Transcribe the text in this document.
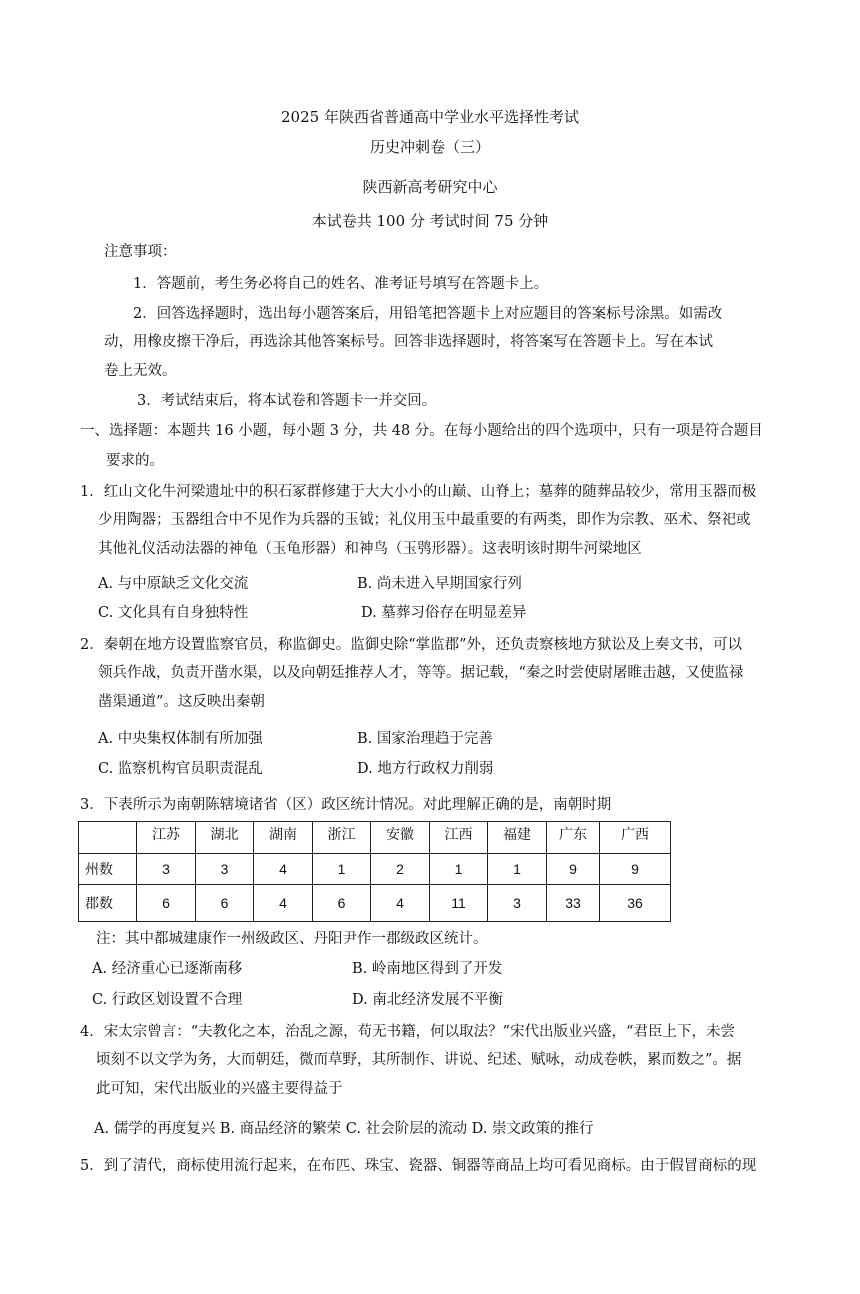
2025 年陕西省普通高中学业水平选择性考试
历史冲刺卷（三）
陕西新高考研究中心
本试卷共 100 分 考试时间 75 分钟
注意事项：
1．答题前，考生务必将自己的姓名、准考证号填写在答题卡上。
2．回答选择题时，选出每小题答案后，用铅笔把答题卡上对应题目的答案标号涂黑。如需改
动，用橡皮擦干净后，再选涂其他答案标号。回答非选择题时，将答案写在答题卡上。写在本试
卷上无效。
3．考试结束后，将本试卷和答题卡一并交回。
一、选择题：本题共 16 小题，每小题 3 分，共 48 分。在每小题给出的四个选项中，只有一项是符合题目
要求的。
1．红山文化牛河梁遗址中的积石冢群修建于大大小小的山巅、山脊上；墓葬的随葬品较少，常用玉器而极
少用陶器；玉器组合中不见作为兵器的玉钺；礼仪用玉中最重要的有两类，即作为宗教、巫术、祭祀或
其他礼仪活动法器的神龟（玉龟形器）和神鸟（玉鸮形器）。这表明该时期牛河梁地区
A. 与中原缺乏文化交流	B. 尚未进入早期国家行列
C. 文化具有自身独特性	D. 墓葬习俗存在明显差异
2．秦朝在地方设置监察官员，称监御史。监御史除“掌监郡”外，还负责察核地方狱讼及上奏文书，可以
领兵作战，负责开凿水渠，以及向朝廷推荐人才，等等。据记载，“秦之时尝使尉屠睢击越，又使监禄
凿渠通道”。这反映出秦朝
A. 中央集权体制有所加强	B. 国家治理趋于完善
C. 监察机构官员职责混乱	D. 地方行政权力削弱
3．下表所示为南朝陈辖境诸省（区）政区统计情况。对此理解正确的是，南朝时期
	江苏	湖北	湖南	浙江	安徽	江西	福建	广东	广西
州数	3	3	4	1	2	1	1	9	9
郡数	6	6	4	6	4	11	3	33	36
注：其中都城建康作一州级政区、丹阳尹作一郡级政区统计。
A. 经济重心已逐渐南移	B. 岭南地区得到了开发
C. 行政区划设置不合理	D. 南北经济发展不平衡
4．宋太宗曾言：“夫教化之本，治乱之源，苟无书籍，何以取法？”宋代出版业兴盛，“君臣上下，未尝
顷刻不以文学为务，大而朝廷，微而草野，其所制作、讲说、纪述、赋咏，动成卷帙，累而数之”。据
此可知，宋代出版业的兴盛主要得益于
A. 儒学的再度复兴 B. 商品经济的繁荣 C. 社会阶层的流动 D. 崇文政策的推行
5．到了清代，商标使用流行起来，在布匹、珠宝、瓷器、铜器等商品上均可看见商标。由于假冒商标的现
